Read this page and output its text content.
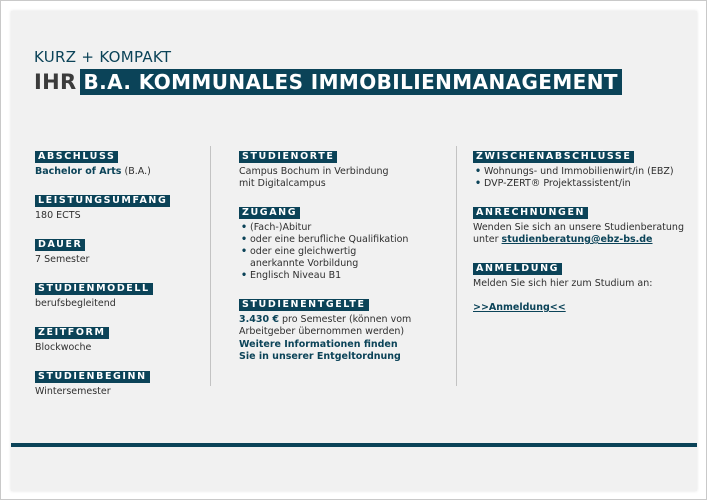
KURZ + KOMPAKT
IHR B.A. KOMMUNALES IMMOBILIENMANAGEMENT
ABSCHLUSS
Bachelor of Arts (B.A.)
LEISTUNGSUMFANG
180 ECTS
DAUER
7 Semester
STUDIENMODELL
berufsbegleitend
ZEITFORM
Blockwoche
STUDIENBEGINN
Wintersemester
STUDIENORTE
Campus Bochum in Verbindung
mit Digitalcampus
ZUGANG
• (Fach-)Abitur
• oder eine berufliche Qualifikation
• oder eine gleichwertig
anerkannte Vorbildung
• Englisch Niveau B1
STUDIENENTGELTE
3.430 € pro Semester (können vom
Arbeitgeber übernommen werden)
Weitere Informationen finden
Sie in unserer Entgeltordnung
ZWISCHENABSCHLÜSSE
• Wohnungs- und Immobilienwirt/in (EBZ)
• DVP-ZERT® Projektassistent/in
ANRECHNUNGEN
Wenden Sie sich an unsere Studienberatung
unter studienberatung@ebz-bs.de
ANMELDUNG
Melden Sie sich hier zum Studium an:
>>Anmeldung<<
